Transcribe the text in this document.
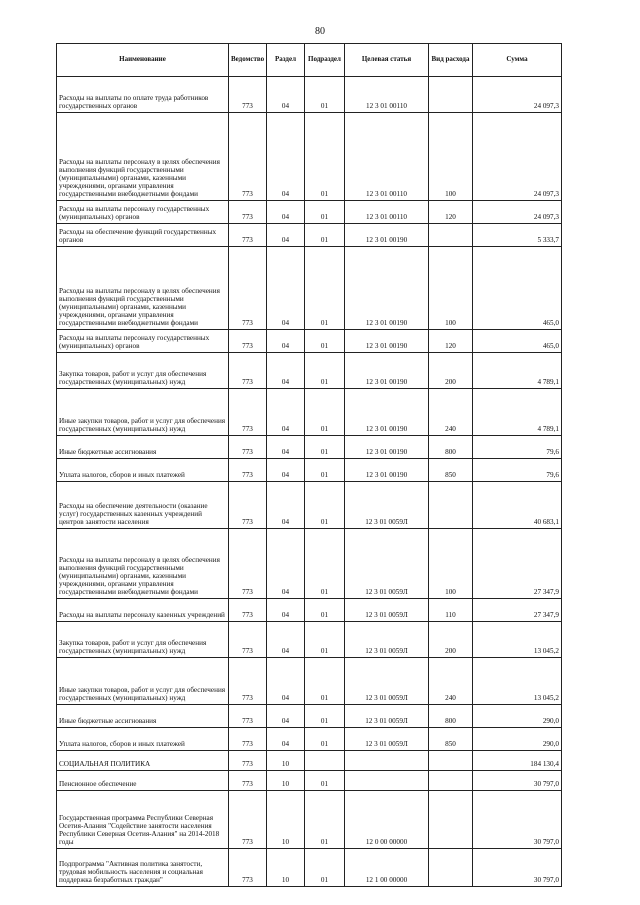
80
Наименование	Ведомство	Раздел	Подраздел	Целевая статья	Вид расхода	Сумма
Расходы на выплаты по оплате труда работников государственных органов	773	04	01	12 3 01 00110		24 097,3
Расходы на выплаты персоналу в целях обеспечения выполнения функций государственными (муниципальными) органами, казенными учреждениями, органами управления государственными внебюджетными фондами	773	04	01	12 3 01 00110	100	24 097,3
Расходы на выплаты персоналу государственных (муниципальных) органов	773	04	01	12 3 01 00110	120	24 097,3
Расходы на обеспечение функций государственных органов	773	04	01	12 3 01 00190		5 333,7
Расходы на выплаты персоналу в целях обеспечения выполнения функций государственными (муниципальными) органами, казенными учреждениями, органами управления государственными внебюджетными фондами	773	04	01	12 3 01 00190	100	465,0
Расходы на выплаты персоналу государственных (муниципальных) органов	773	04	01	12 3 01 00190	120	465,0
Закупка товаров, работ и услуг для обеспечения государственных (муниципальных) нужд	773	04	01	12 3 01 00190	200	4 789,1
Иные закупки товаров, работ и услуг для обеспечения государственных (муниципальных) нужд	773	04	01	12 3 01 00190	240	4 789,1
Иные бюджетные ассигнования	773	04	01	12 3 01 00190	800	79,6
Уплата налогов, сборов и иных платежей	773	04	01	12 3 01 00190	850	79,6
Расходы на обеспечение деятельности (оказание услуг) государственных казенных учреждений центров занятости населения	773	04	01	12 3 01 0059Л		40 683,1
Расходы на выплаты персоналу в целях обеспечения выполнения функций государственными (муниципальными) органами, казенными учреждениями, органами управления государственными внебюджетными фондами	773	04	01	12 3 01 0059Л	100	27 347,9
Расходы на выплаты персоналу казенных учреждений	773	04	01	12 3 01 0059Л	110	27 347,9
Закупка товаров, работ и услуг для обеспечения государственных (муниципальных) нужд	773	04	01	12 3 01 0059Л	200	13 045,2
Иные закупки товаров, работ и услуг для обеспечения государственных (муниципальных) нужд	773	04	01	12 3 01 0059Л	240	13 045,2
Иные бюджетные ассигнования	773	04	01	12 3 01 0059Л	800	290,0
Уплата налогов, сборов и иных платежей	773	04	01	12 3 01 0059Л	850	290,0
СОЦИАЛЬНАЯ ПОЛИТИКА	773	10				184 130,4
Пенсионное обеспечение	773	10	01			30 797,0
Государственная программа Республики Северная Осетия-Алания "Содействие занятости населения Республики Северная Осетия-Алания" на 2014-2018 годы	773	10	01	12 0 00 00000		30 797,0
Подпрограмма "Активная политика занятости, трудовая мобильность населения и социальная поддержка безработных граждан"	773	10	01	12 1 00 00000		30 797,0
